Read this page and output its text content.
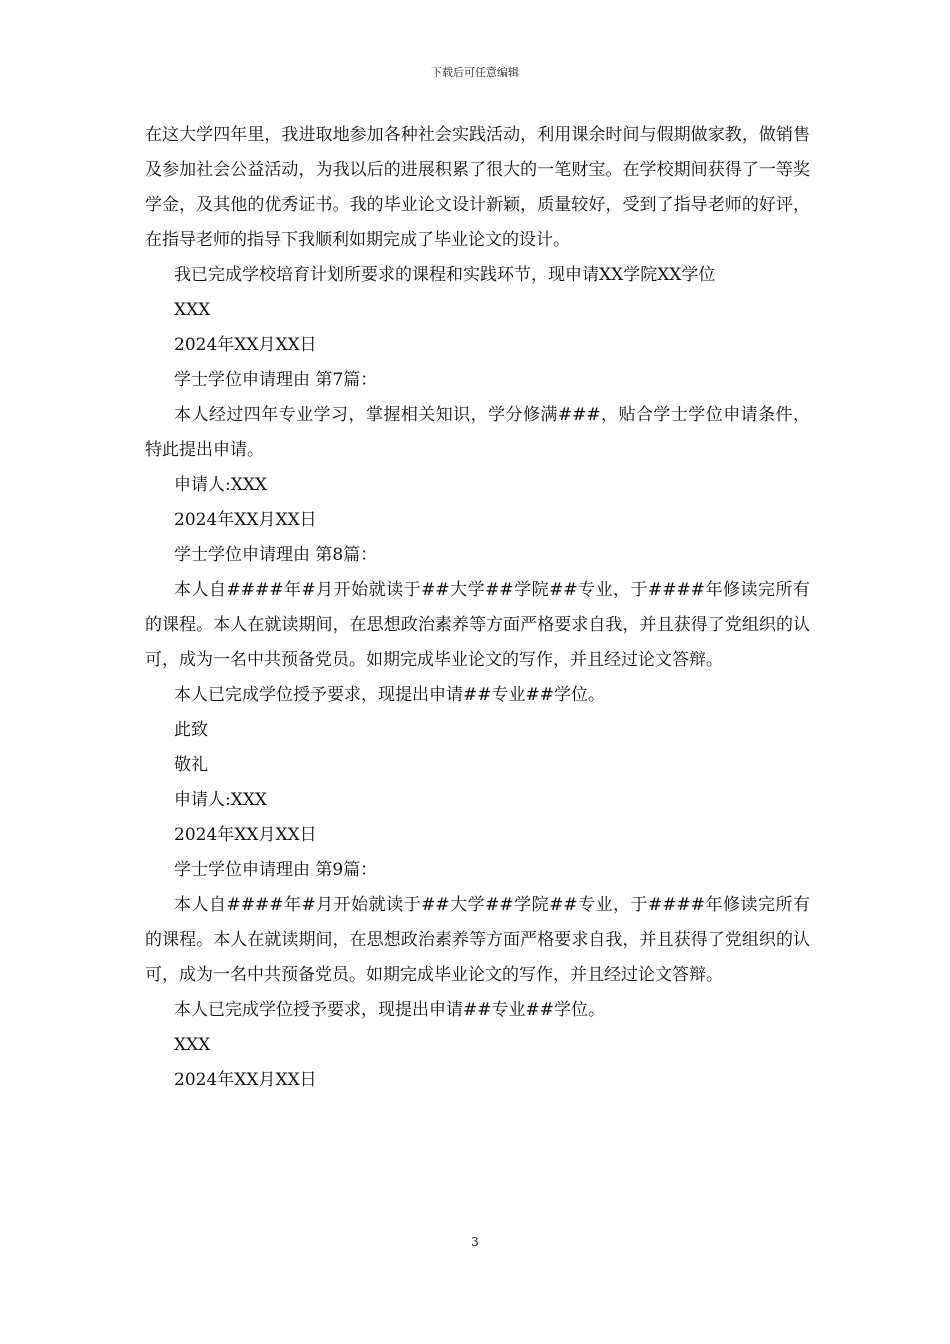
下载后可任意编辑

在这大学四年里，我进取地参加各种社会实践活动，利用课余时间与假期做家教，做销售及参加社会公益活动，为我以后的进展积累了很大的一笔财宝。在学校期间获得了一等奖学金，及其他的优秀证书。我的毕业论文设计新颖，质量较好，受到了指导老师的好评，在指导老师的指导下我顺利如期完成了毕业论文的设计。

我已完成学校培育计划所要求的课程和实践环节，现申请XX学院XX学位

XXX

2024年XX月XX日

学士学位申请理由 第7篇：

本人经过四年专业学习，掌握相关知识，学分修满###，贴合学士学位申请条件，特此提出申请。

申请人:XXX

2024年XX月XX日

学士学位申请理由 第8篇：

本人自####年#月开始就读于##大学##学院##专业，于####年修读完所有的课程。本人在就读期间，在思想政治素养等方面严格要求自我，并且获得了党组织的认可，成为一名中共预备党员。如期完成毕业论文的写作，并且经过论文答辩。

本人已完成学位授予要求，现提出申请##专业##学位。

此致

敬礼

申请人:XXX

2024年XX月XX日

学士学位申请理由 第9篇：

本人自####年#月开始就读于##大学##学院##专业，于####年修读完所有的课程。本人在就读期间，在思想政治素养等方面严格要求自我，并且获得了党组织的认可，成为一名中共预备党员。如期完成毕业论文的写作，并且经过论文答辩。

本人已完成学位授予要求，现提出申请##专业##学位。

XXX

2024年XX月XX日

3
